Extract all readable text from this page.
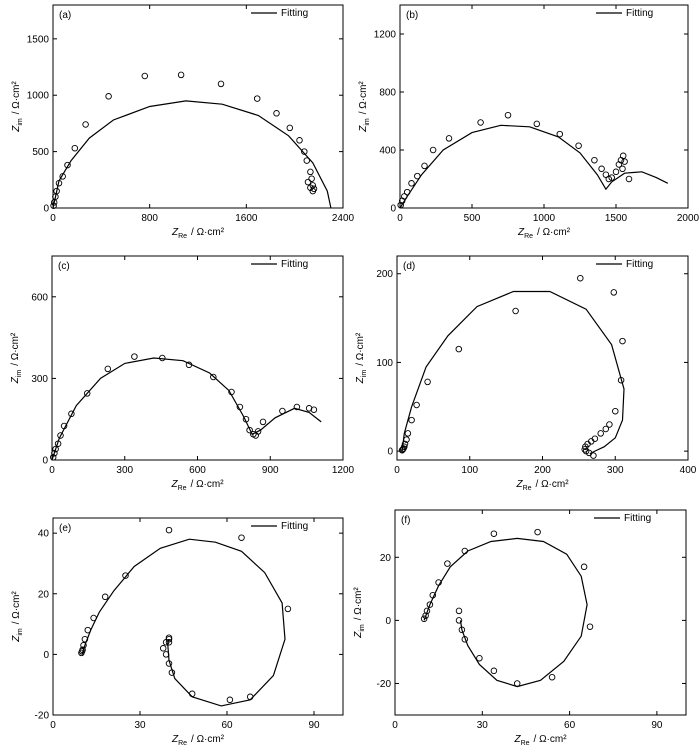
0	800	1600	2400
0
500
1000
1500
(a)	Fitting
$Z_{Re} / \Omega\cdot cm^2$
$Z_{im}/$ Ω·cm²
0	500	1000	1500	2000
0
400
800
1200
(b)	Fitting
$Z_{Re} / \Omega\cdot cm^2$
$Z_{im}/$ Ω·cm²
0	300	600	900	1200
0
300
600
(c)	Fitting
$Z_{Re} / \Omega\cdot cm^2$
$Z_{im}/$ Ω·cm²
0	100	200	300	400
0
100
200
(d)	Fitting
$Z_{Re} / \Omega\cdot cm^2$
$Z_{im}/$ Ω·cm²
0	30	60	90
-20
0
20
40
(e)	Fitting
$Z_{Re} / \Omega\cdot cm^2$
$Z_{im}/$ Ω·cm²
0	30	60	90
-20
0
20
(f)	Fitting
$Z_{Re} / \Omega\cdot cm^2$
$Z_{im}/$ Ω·cm²
